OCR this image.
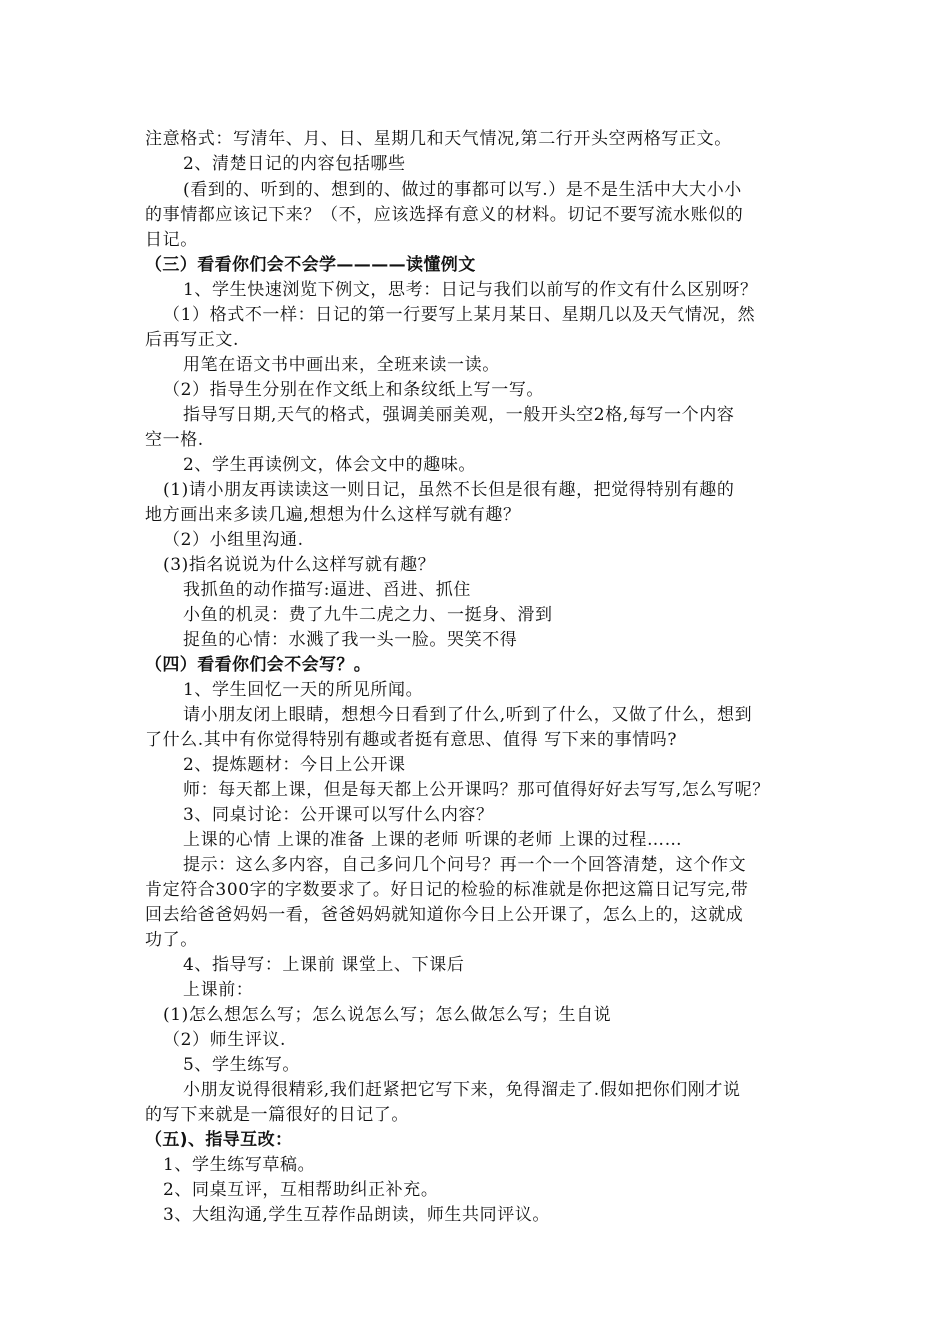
注意格式：写清年、月、日、星期几和天气情况,第二行开头空两格写正文。
2、清楚日记的内容包括哪些
(看到的、听到的、想到的、做过的事都可以写.）是不是生活中大大小小
的事情都应该记下来？（不，应该选择有意义的材料。切记不要写流水账似的
日记。
（三）看看你们会不会学————读懂例文
1、学生快速浏览下例文，思考：日记与我们以前写的作文有什么区别呀？
（1）格式不一样：日记的第一行要写上某月某日、星期几以及天气情况，然
后再写正文.
用笔在语文书中画出来，全班来读一读。
（2）指导生分别在作文纸上和条纹纸上写一写。
指导写日期,天气的格式，强调美丽美观，一般开头空2格,每写一个内容
空一格.
2、学生再读例文，体会文中的趣味。
(1)请小朋友再读读这一则日记，虽然不长但是很有趣，把觉得特别有趣的
地方画出来多读几遍,想想为什么这样写就有趣？
（2）小组里沟通.
(3)指名说说为什么这样写就有趣？
我抓鱼的动作描写:逼进、舀进、抓住
小鱼的机灵：费了九牛二虎之力、一挺身、滑到
捉鱼的心情：水溅了我一头一脸。哭笑不得
（四）看看你们会不会写？。
1、学生回忆一天的所见所闻。
请小朋友闭上眼睛，想想今日看到了什么,听到了什么，又做了什么，想到
了什么.其中有你觉得特别有趣或者挺有意思、值得 写下来的事情吗?
2、提炼题材：今日上公开课
师：每天都上课，但是每天都上公开课吗？那可值得好好去写写,怎么写呢？
3、同桌讨论：公开课可以写什么内容？
上课的心情 上课的准备 上课的老师 听课的老师 上课的过程……
提示：这么多内容，自己多问几个问号？再一个一个回答清楚，这个作文
肯定符合300字的字数要求了。好日记的检验的标准就是你把这篇日记写完,带
回去给爸爸妈妈一看，爸爸妈妈就知道你今日上公开课了，怎么上的，这就成
功了。
4、指导写：上课前 课堂上、下课后
上课前：
(1)怎么想怎么写；怎么说怎么写；怎么做怎么写；生自说
（2）师生评议.
5、学生练写。
小朋友说得很精彩,我们赶紧把它写下来，免得溜走了.假如把你们刚才说
的写下来就是一篇很好的日记了。
（五)、指导互改：
1、学生练写草稿。
2、同桌互评，互相帮助纠正补充。
3、大组沟通,学生互荐作品朗读，师生共同评议。
